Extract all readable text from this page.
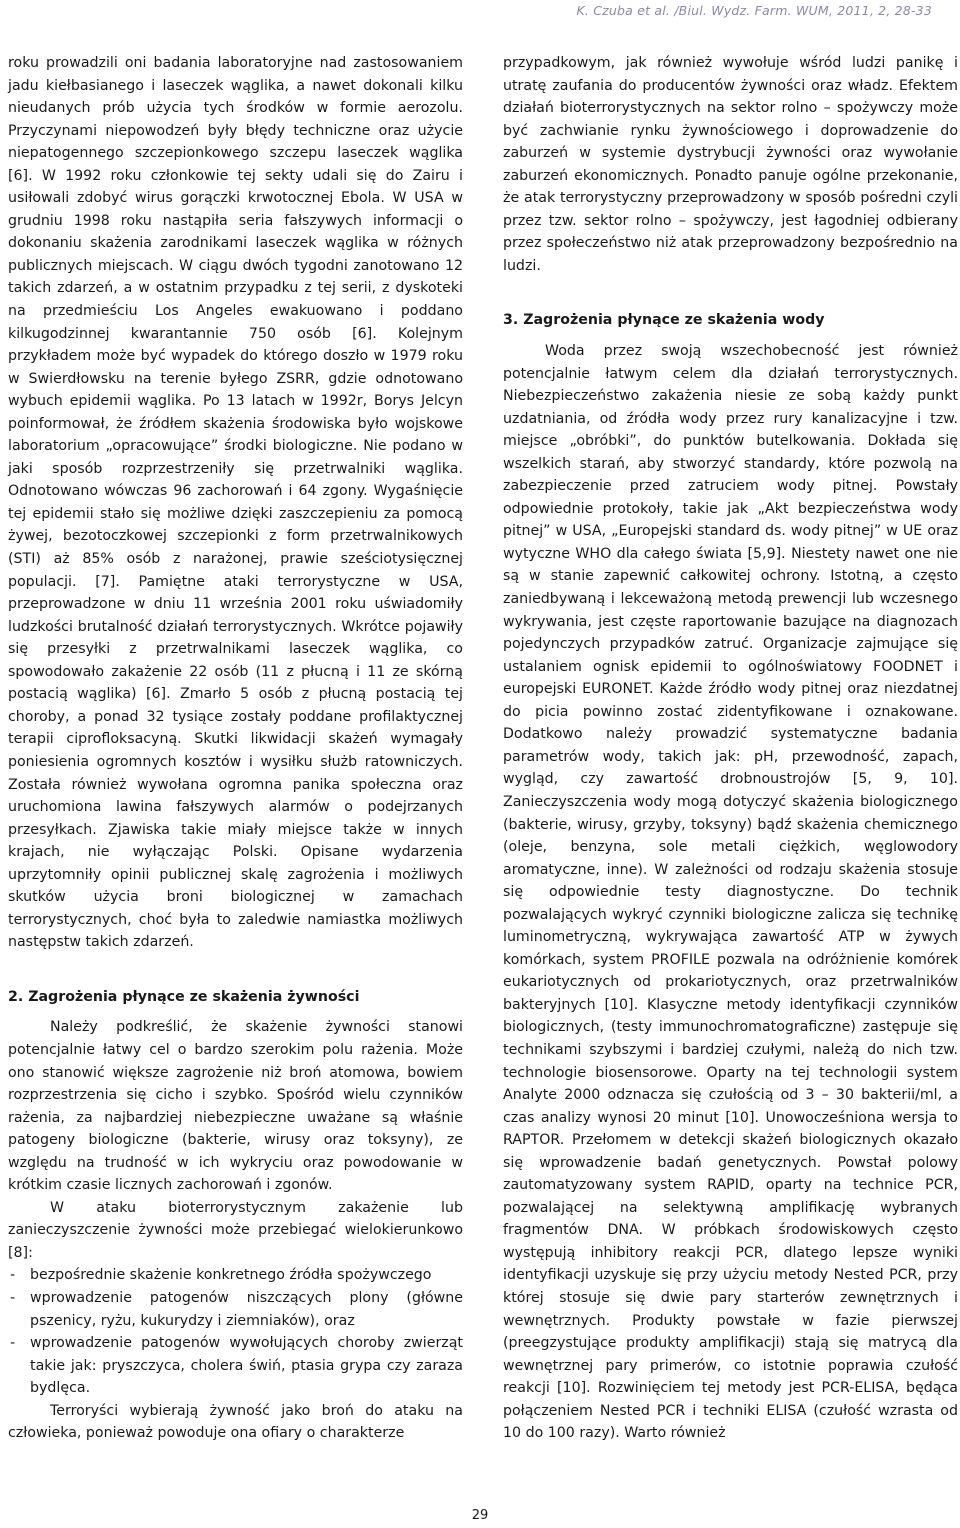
K. Czuba et al. /Biul. Wydz. Farm. WUM, 2011, 2, 28-33

roku prowadzili oni badania laboratoryjne nad zastosowaniem jadu kiełbasianego i laseczek wąglika, a nawet dokonali kilku nieudanych prób użycia tych środków w formie aerozolu. Przyczynami niepowodzeń były błędy techniczne oraz użycie niepatogennego szczepionkowego szczepu laseczek wąglika [6]. W 1992 roku członkowie tej sekty udali się do Zairu i usiłowali zdobyć wirus gorączki krwotocznej Ebola. W USA w grudniu 1998 roku nastąpiła seria fałszywych informacji o dokonaniu skażenia zarodnikami laseczek wąglika w różnych publicznych miejscach. W ciągu dwóch tygodni zanotowano 12 takich zdarzeń, a w ostatnim przypadku z tej serii, z dyskoteki na przedmieściu Los Angeles ewakuowano i poddano kilkugodzinnej kwarantannie 750 osób [6]. Kolejnym przykładem może być wypadek do którego doszło w 1979 roku w Swierdłowsku na terenie byłego ZSRR, gdzie odnotowano wybuch epidemii wąglika. Po 13 latach w 1992r, Borys Jelcyn poinformował, że źródłem skażenia środowiska było wojskowe laboratorium „opracowujące” środki biologiczne. Nie podano w jaki sposób rozprzestrzeniły się przetrwalniki wąglika. Odnotowano wówczas 96 zachorowań i 64 zgony. Wygaśnięcie tej epidemii stało się możliwe dzięki zaszczepieniu za pomocą żywej, bezotoczkowej szczepionki z form przetrwalnikowych (STI) aż 85% osób z narażonej, prawie sześciotysięcznej populacji. [7]. Pamiętne ataki terrorystyczne w USA, przeprowadzone w dniu 11 września 2001 roku uświadomiły ludzkości brutalność działań terrorystycznych. Wkrótce pojawiły się przesyłki z przetrwalnikami laseczek wąglika, co spowodowało zakażenie 22 osób (11 z płucną i 11 ze skórną postacią wąglika) [6]. Zmarło 5 osób z płucną postacią tej choroby, a ponad 32 tysiące zostały poddane profilaktycznej terapii ciprofloksacyną. Skutki likwidacji skażeń wymagały poniesienia ogromnych kosztów i wysiłku służb ratowniczych. Została również wywołana ogromna panika społeczna oraz uruchomiona lawina fałszywych alarmów o podejrzanych przesyłkach. Zjawiska takie miały miejsce także w innych krajach, nie wyłączając Polski. Opisane wydarzenia uprzytomniły opinii publicznej skalę zagrożenia i możliwych skutków użycia broni biologicznej w zamachach terrorystycznych, choć była to zaledwie namiastka możliwych następstw takich zdarzeń.

2. Zagrożenia płynące ze skażenia żywności

Należy podkreślić, że skażenie żywności stanowi potencjalnie łatwy cel o bardzo szerokim polu rażenia. Może ono stanowić większe zagrożenie niż broń atomowa, bowiem rozprzestrzenia się cicho i szybko. Spośród wielu czynników rażenia, za najbardziej niebezpieczne uważane są właśnie patogeny biologiczne (bakterie, wirusy oraz toksyny), ze względu na trudność w ich wykryciu oraz powodowanie w krótkim czasie licznych zachorowań i zgonów.

W ataku bioterrorystycznym zakażenie lub zanieczyszczenie żywności może przebiegać wielokierunkowo [8]:

- bezpośrednie skażenie konkretnego źródła spożywczego
- wprowadzenie patogenów niszczących plony (główne pszenicy, ryżu, kukurydzy i ziemniaków), oraz
- wprowadzenie patogenów wywołujących choroby zwierząt takie jak: pryszczyca, cholera świń, ptasia grypa czy zaraza bydlęca.

Terroryści wybierają żywność jako broń do ataku na człowieka, ponieważ powoduje ona ofiary o charakterze

przypadkowym, jak również wywołuje wśród ludzi panikę i utratę zaufania do producentów żywności oraz władz. Efektem działań bioterrorystycznych na sektor rolno – spożywczy może być zachwianie rynku żywnościowego i doprowadzenie do zaburzeń w systemie dystrybucji żywności oraz wywołanie zaburzeń ekonomicznych. Ponadto panuje ogólne przekonanie, że atak terrorystyczny przeprowadzony w sposób pośredni czyli przez tzw. sektor rolno – spożywczy, jest łagodniej odbierany przez społeczeństwo niż atak przeprowadzony bezpośrednio na ludzi.

3. Zagrożenia płynące ze skażenia wody

Woda przez swoją wszechobecność jest również potencjalnie łatwym celem dla działań terrorystycznych. Niebezpieczeństwo zakażenia niesie ze sobą każdy punkt uzdatniania, od źródła wody przez rury kanalizacyjne i tzw. miejsce „obróbki”, do punktów butelkowania. Dokłada się wszelkich starań, aby stworzyć standardy, które pozwolą na zabezpieczenie przed zatruciem wody pitnej. Powstały odpowiednie protokoły, takie jak „Akt bezpieczeństwa wody pitnej” w USA, „Europejski standard ds. wody pitnej” w UE oraz wytyczne WHO dla całego świata [5,9]. Niestety nawet one nie są w stanie zapewnić całkowitej ochrony. Istotną, a często zaniedbywaną i lekceważoną metodą prewencji lub wczesnego wykrywania, jest częste raportowanie bazujące na diagnozach pojedynczych przypadków zatruć. Organizacje zajmujące się ustalaniem ognisk epidemii to ogólnoświatowy FOODNET i europejski EURONET. Każde źródło wody pitnej oraz niezdatnej do picia powinno zostać zidentyfikowane i oznakowane. Dodatkowo należy prowadzić systematyczne badania parametrów wody, takich jak: pH, przewodność, zapach, wygląd, czy zawartość drobnoustrojów [5, 9, 10]. Zanieczyszczenia wody mogą dotyczyć skażenia biologicznego (bakterie, wirusy, grzyby, toksyny) bądź skażenia chemicznego (oleje, benzyna, sole metali ciężkich, węglowodory aromatyczne, inne). W zależności od rodzaju skażenia stosuje się odpowiednie testy diagnostyczne. Do technik pozwalających wykryć czynniki biologiczne zalicza się technikę luminometryczną, wykrywająca zawartość ATP w żywych komórkach, system PROFILE pozwala na odróżnienie komórek eukariotycznych od prokariotycznych, oraz przetrwalników bakteryjnych [10]. Klasyczne metody identyfikacji czynników biologicznych, (testy immunochromatograficzne) zastępuje się technikami szybszymi i bardziej czułymi, należą do nich tzw. technologie biosensorowe. Oparty na tej technologii system Analyte 2000 odznacza się czułością od 3 – 30 bakterii/ml, a czas analizy wynosi 20 minut [10]. Unowocześniona wersja to RAPTOR. Przełomem w detekcji skażeń biologicznych okazało się wprowadzenie badań genetycznych. Powstał polowy zautomatyzowany system RAPID, oparty na technice PCR, pozwalającej na selektywną amplifikację wybranych fragmentów DNA. W próbkach środowiskowych często występują inhibitory reakcji PCR, dlatego lepsze wyniki identyfikacji uzyskuje się przy użyciu metody Nested PCR, przy której stosuje się dwie pary starterów zewnętrznych i wewnętrznych. Produkty powstałe w fazie pierwszej (preegzystujące produkty amplifikacji) stają się matrycą dla wewnętrznej pary primerów, co istotnie poprawia czułość reakcji [10]. Rozwinięciem tej metody jest PCR-ELISA, będąca połączeniem Nested PCR i techniki ELISA (czułość wzrasta od 10 do 100 razy). Warto również

29
